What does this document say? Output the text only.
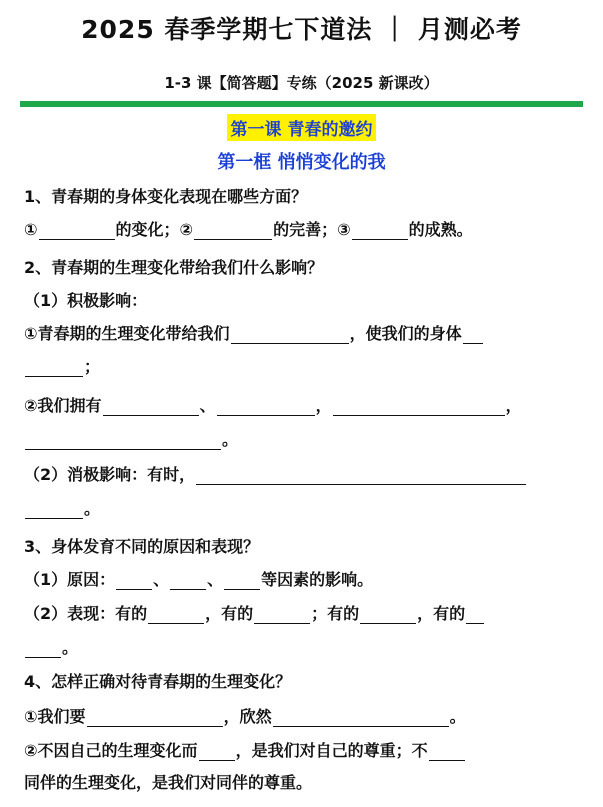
2025 春季学期七下道法 ｜ 月测必考
1-3 课【简答题】专练（2025 新课改）
第一课 青春的邀约
第一框 悄悄变化的我
1、青春期的身体变化表现在哪些方面？
①	的变化；②	的完善；③	的成熟。
2、青春期的生理变化带给我们什么影响？
（1）积极影响：
①青春期的生理变化带给我们	，使我们的身体
；
②我们拥有	、	，	，
。
（2）消极影响：有时，
。
3、身体发育不同的原因和表现？
（1）原因： 、 、 等因素的影响。
（2）表现：有的	，有的	；有的	，有的
。
4、怎样正确对待青春期的生理变化？
①我们要	，欣然	。
②不因自己的生理变化而 ，是我们对自己的尊重；不
同伴的生理变化，是我们对同伴的尊重。
